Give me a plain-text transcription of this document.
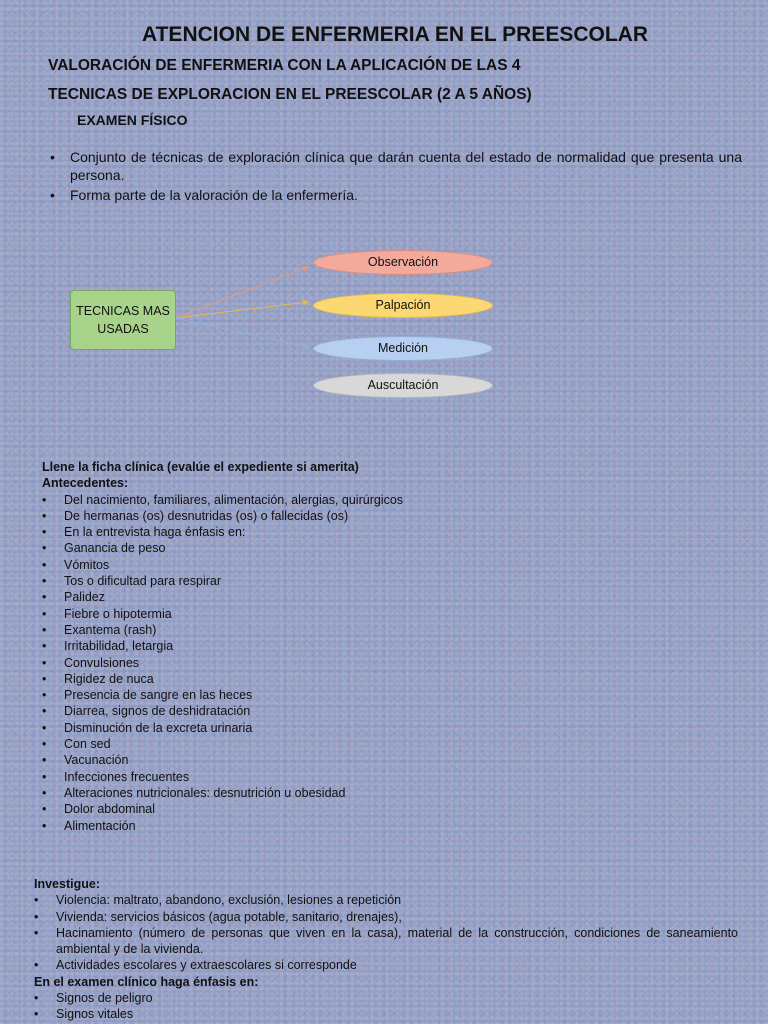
ATENCION DE ENFERMERIA EN EL PREESCOLAR
VALORACIÓN DE ENFERMERIA CON LA APLICACIÓN DE LAS 4
TECNICAS DE EXPLORACION EN EL PREESCOLAR (2 A 5 AÑOS)
EXAMEN FÍSICO
• Conjunto de técnicas de exploración clínica que darán cuenta del estado de normalidad que presenta una persona.
• Forma parte de la valoración de la enfermería.
TECNICAS MAS USADAS
Observación
Palpación
Medición
Auscultación
Llene la ficha clínica (evalúe el expediente si amerita)
Antecedentes:
• Del nacimiento, familiares, alimentación, alergias, quirúrgicos
• De hermanas (os) desnutridas (os) o fallecidas (os)
• En la entrevista haga énfasis en:
• Ganancia de peso
• Vómitos
• Tos o dificultad para respirar
• Palidez
• Fiebre o hipotermia
• Exantema (rash)
• Irritabilidad, letargia
• Convulsiones
• Rigidez de nuca
• Presencia de sangre en las heces
• Diarrea, signos de deshidratación
• Disminución de la excreta urinaria
• Con sed
• Vacunación
• Infecciones frecuentes
• Alteraciones nutricionales: desnutrición u obesidad
• Dolor abdominal
• Alimentación
Investigue:
• Violencia: maltrato, abandono, exclusión, lesiones a repetición
• Vivienda: servicios básicos (agua potable, sanitario, drenajes),
• Hacinamiento (número de personas que viven en la casa), material de la construcción, condiciones de saneamiento ambiental y de la vivienda.
• Actividades escolares y extraescolares si corresponde
En el examen clínico haga énfasis en:
• Signos de peligro
• Signos vitales
